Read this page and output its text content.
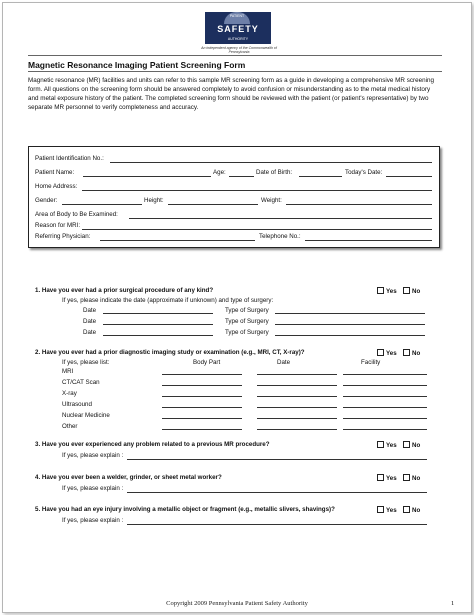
PATIENT
SAFETY
AUTHORITY
An independent agency of the Commonwealth of Pennsylvania
Magnetic Resonance Imaging Patient Screening Form
Magnetic resonance (MR) facilities and units can refer to this sample MR screening form as a guide in developing a comprehensive MR screening form. All questions on the screening form should be answered completely to avoid confusion or misunderstanding as to the metal medical history and metal exposure history of the patient. The completed screening form should be reviewed with the patient (or patient's representative) by two separate MR personnel to verify completeness and accuracy.
Patient Identification No.:
Patient Name:	Age:	Date of Birth:	Today's Date:
Home Address:
Gender:	Height:	Weight:
Area of Body to Be Examined:
Reason for MRI:
Referring Physician:	Telephone No.:
1. Have you ever had a prior surgical procedure of any kind?	Yes	No
If yes, please indicate the date (approximate if unknown) and type of surgery:
Date	Type of Surgery
Date	Type of Surgery
Date	Type of Surgery
2. Have you ever had a prior diagnostic imaging study or examination (e.g., MRI, CT, X-ray)?	Yes	No
If yes, please list:	Body Part	Date	Facility
MRI
CT/CAT Scan
X-ray
Ultrasound
Nuclear Medicine
Other
3. Have you ever experienced any problem related to a previous MR procedure?	Yes	No
If yes, please explain :
4. Have you ever been a welder, grinder, or sheet metal worker?	Yes	No
If yes, please explain :
5. Have you had an eye injury involving a metallic object or fragment (e.g., metallic slivers, shavings)?	Yes	No
If yes, please explain :
Copyright 2009 Pennsylvania Patient Safety Authority	1
